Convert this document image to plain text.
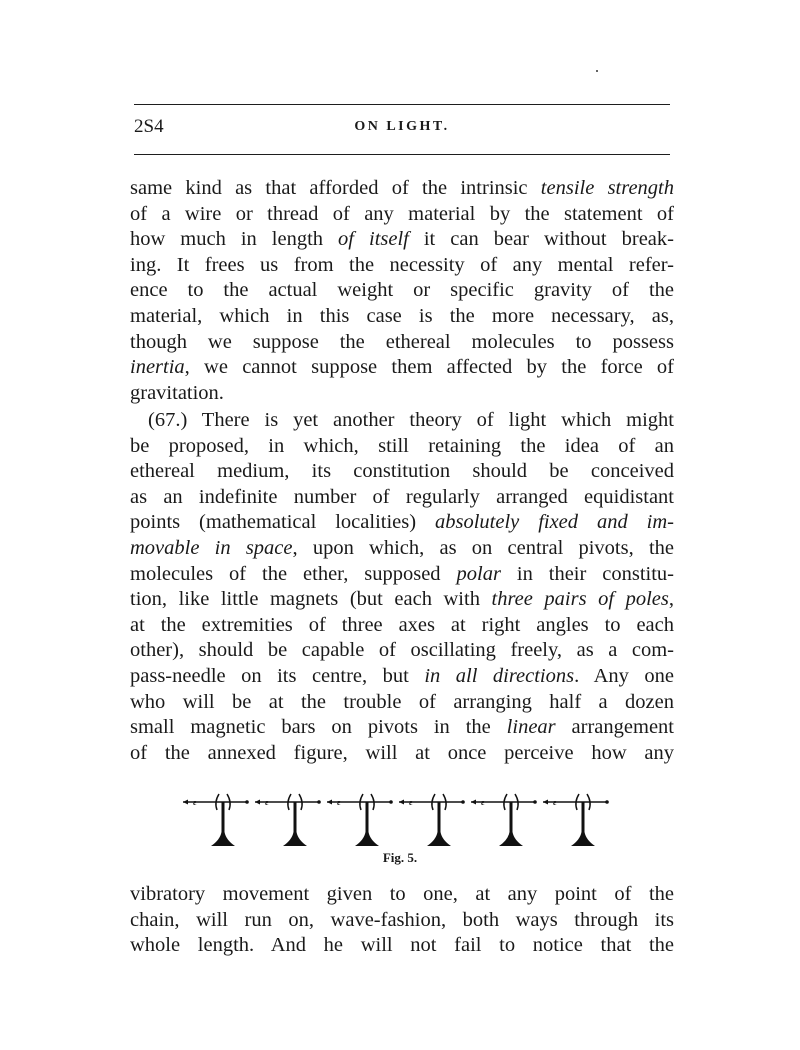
2S4	ON LIGHT.
same kind as that afforded of the intrinsic tensile strength
of a wire or thread of any material by the statement of
how much in length of itself it can bear without break-
ing. It frees us from the necessity of any mental refer-
ence to the actual weight or specific gravity of the
material, which in this case is the more necessary, as,
though we suppose the ethereal molecules to possess
inertia, we cannot suppose them affected by the force of
gravitation.
(67.) There is yet another theory of light which might
be proposed, in which, still retaining the idea of an
ethereal medium, its constitution should be conceived
as an indefinite number of regularly arranged equidistant
points (mathematical localities) absolutely fixed and im-
movable in space, upon which, as on central pivots, the
molecules of the ether, supposed polar in their constitu-
tion, like little magnets (but each with three pairs of poles,
at the extremities of three axes at right angles to each
other), should be capable of oscillating freely, as a com-
pass-needle on its centre, but in all directions. Any one
who will be at the trouble of arranging half a dozen
small magnetic bars on pivots in the linear arrangement
of the annexed figure, will at once perceive how any
ε	ε	ε	ε	ε	ε
Fig. 5.
vibratory movement given to one, at any point of the
chain, will run on, wave-fashion, both ways through its
whole length. And he will not fail to notice that the
